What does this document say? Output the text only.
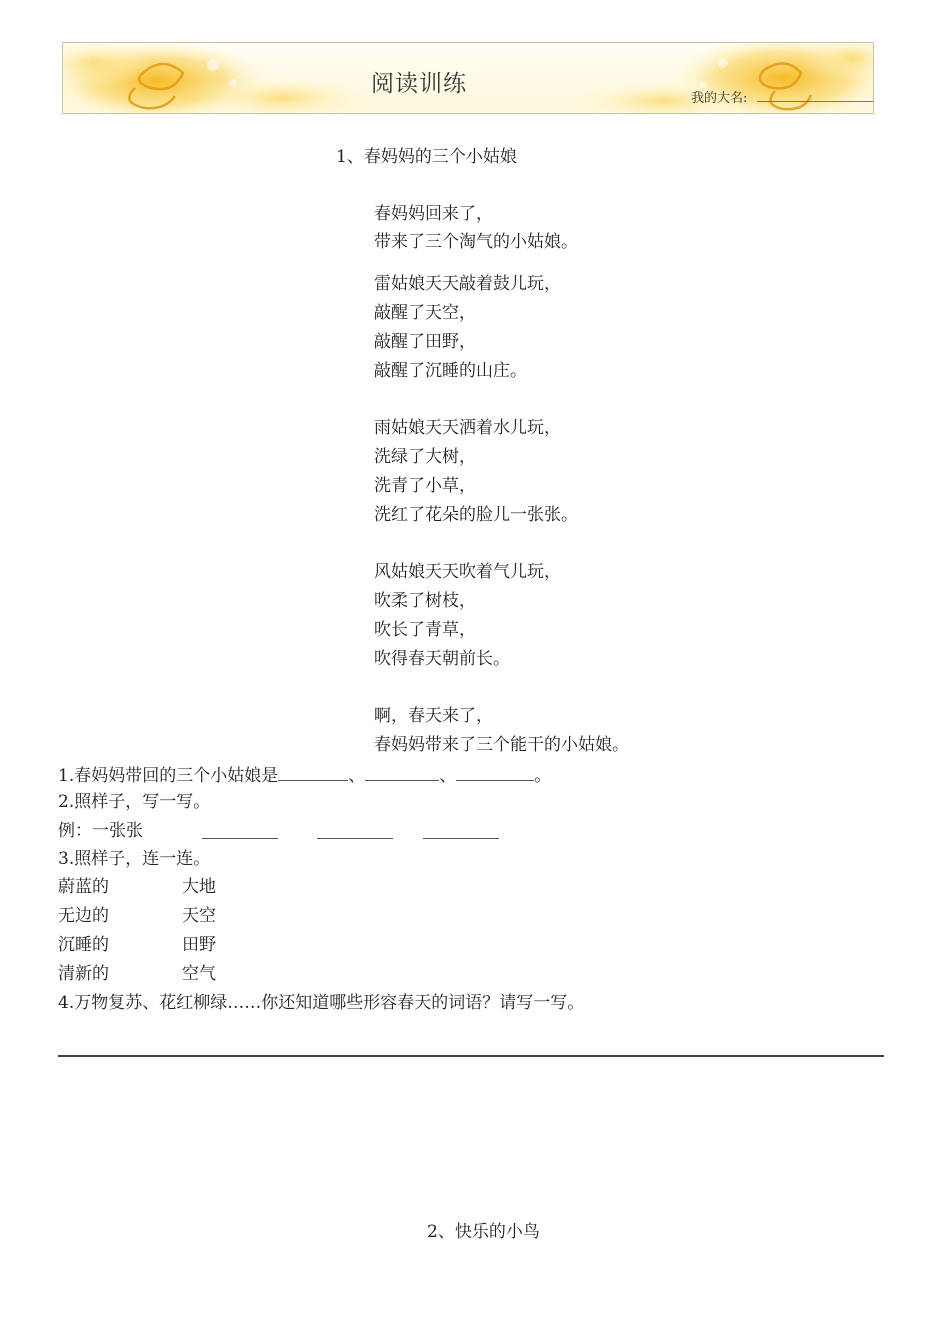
阅读训练
我的大名:
1、春妈妈的三个小姑娘
春妈妈回来了，
带来了三个淘气的小姑娘。
雷姑娘天天敲着鼓儿玩，
敲醒了天空，
敲醒了田野，
敲醒了沉睡的山庄。
雨姑娘天天洒着水儿玩，
洗绿了大树，
洗青了小草，
洗红了花朵的脸儿一张张。
风姑娘天天吹着气儿玩，
吹柔了树枝，
吹长了青草，
吹得春天朝前长。
啊，春天来了，
春妈妈带来了三个能干的小姑娘。
1.春妈妈带回的三个小姑娘是	、	、	。
2.照样子，写一写。
例：一张张
3.照样子，连一连。
蔚蓝的	大地
无边的	天空
沉睡的	田野
清新的	空气
4.万物复苏、花红柳绿……你还知道哪些形容春天的词语？请写一写。
2、快乐的小鸟
